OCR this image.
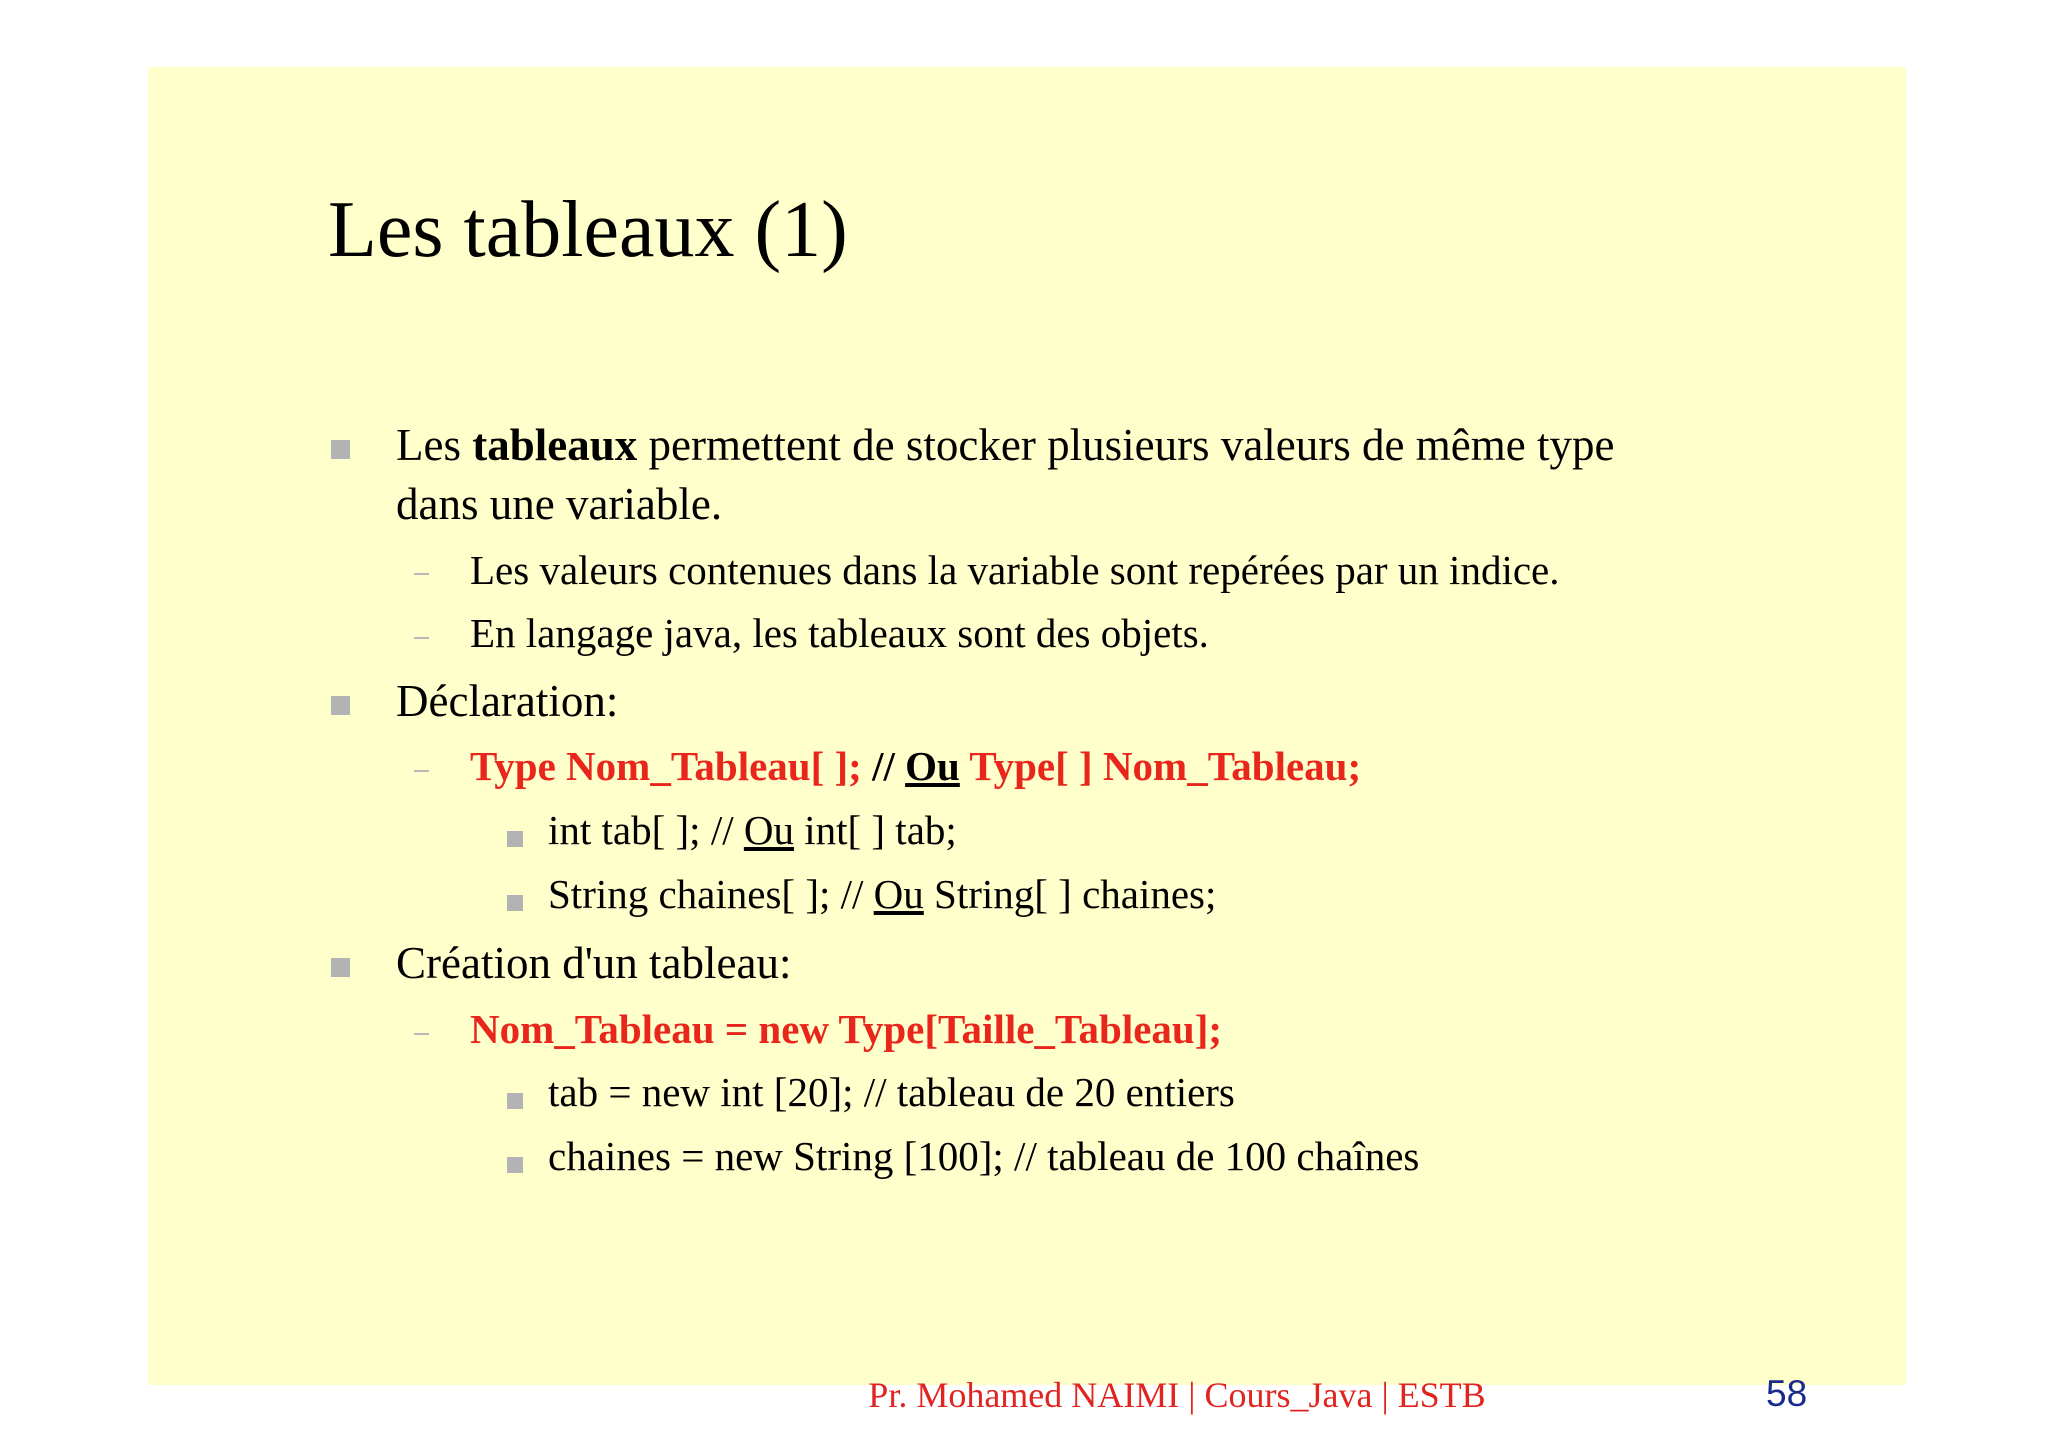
Les tableaux (1)
Les tableaux permettent de stocker plusieurs valeurs de même type
dans une variable.
Les valeurs contenues dans la variable sont repérées par un indice.
En langage java, les tableaux sont des objets.
Déclaration:
Type Nom_Tableau[ ]; // Ou Type[ ] Nom_Tableau;
int tab[ ]; // Ou int[ ] tab;
String chaines[ ]; // Ou String[ ] chaines;
Création d'un tableau:
Nom_Tableau = new Type[Taille_Tableau];
tab = new int [20]; // tableau de 20 entiers
chaines = new String [100]; // tableau de 100 chaînes
Pr. Mohamed NAIMI | Cours_Java | ESTB	58
